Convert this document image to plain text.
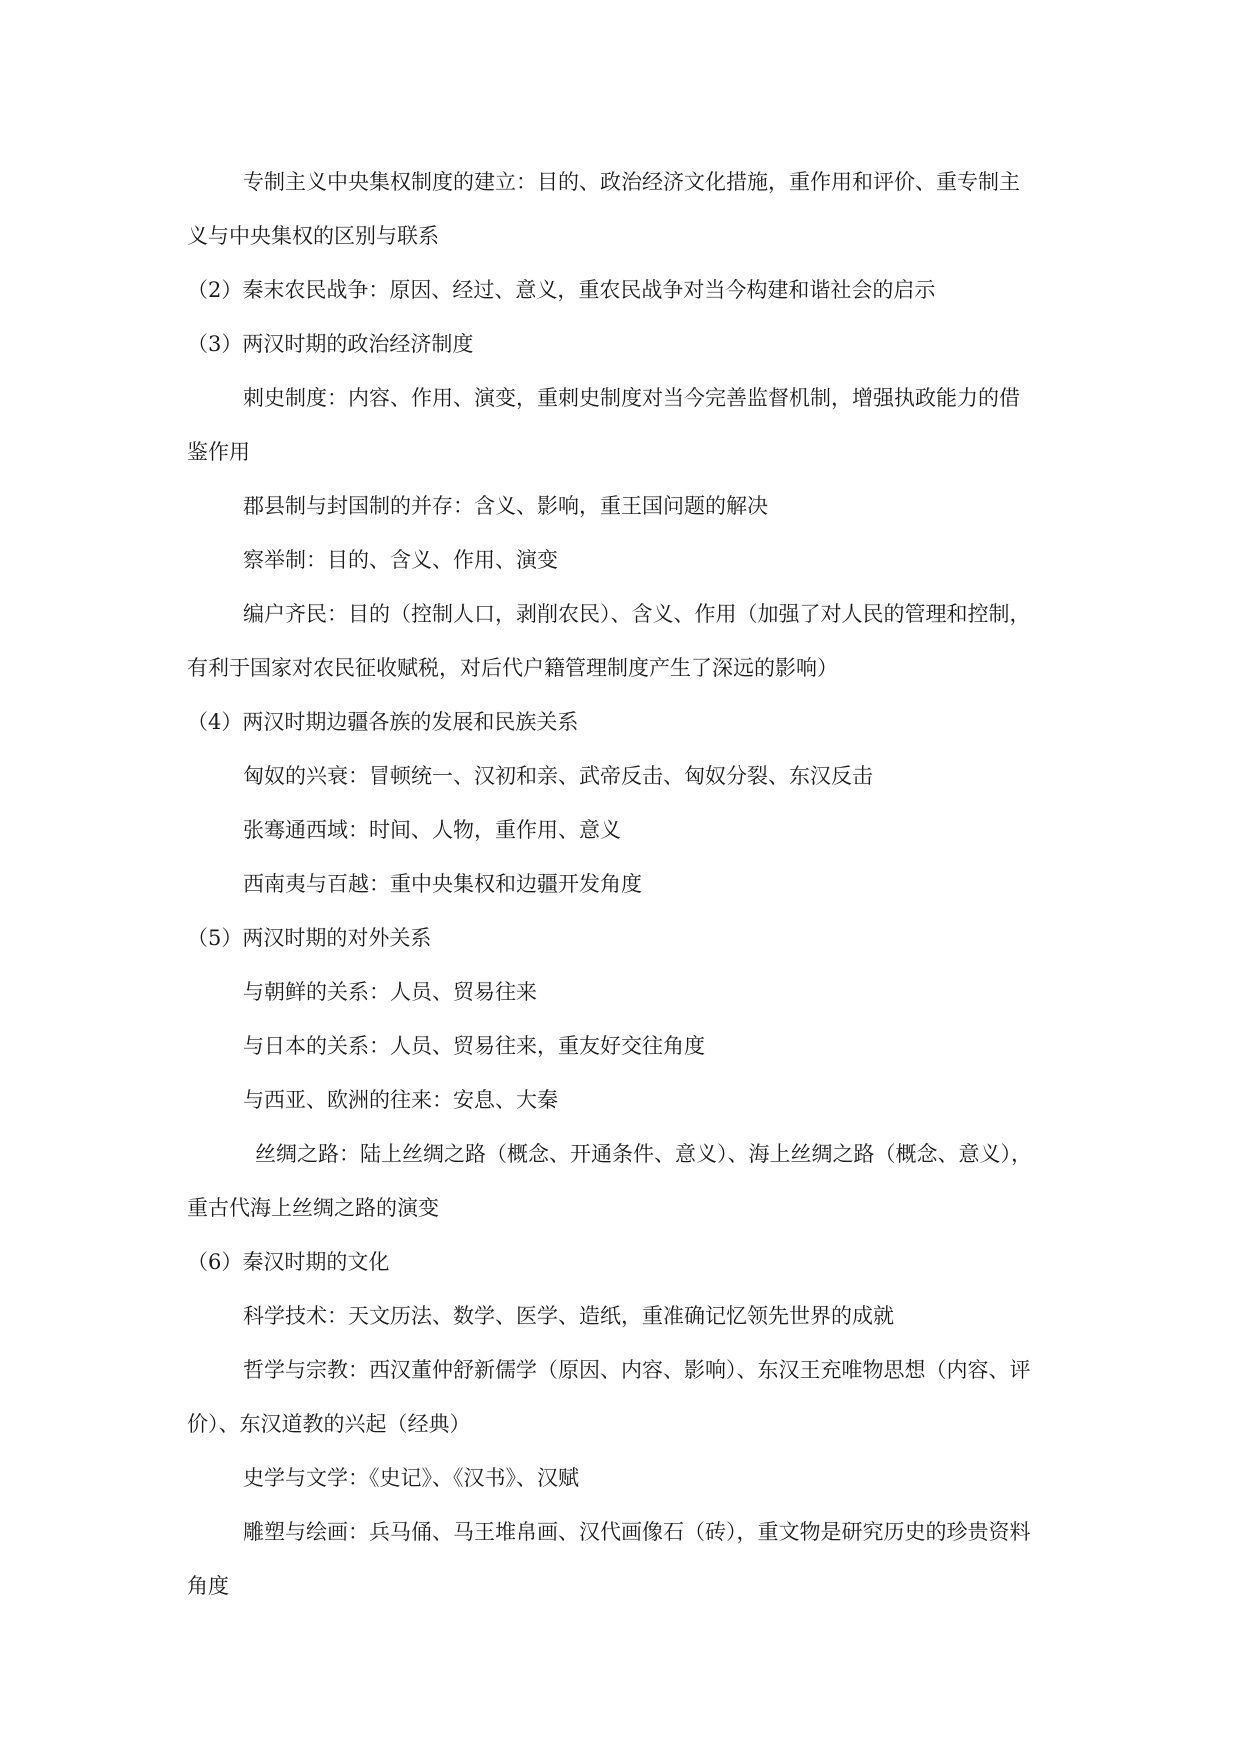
专制主义中央集权制度的建立：目的、政治经济文化措施，重作用和评价、重专制主
义与中央集权的区别与联系
（2）秦末农民战争：原因、经过、意义，重农民战争对当今构建和谐社会的启示
（3）两汉时期的政治经济制度
刺史制度：内容、作用、演变，重刺史制度对当今完善监督机制，增强执政能力的借
鉴作用
郡县制与封国制的并存：含义、影响，重王国问题的解决
察举制：目的、含义、作用、演变
编户齐民：目的（控制人口，剥削农民）、含义、作用（加强了对人民的管理和控制，
有利于国家对农民征收赋税，对后代户籍管理制度产生了深远的影响）
（4）两汉时期边疆各族的发展和民族关系
匈奴的兴衰：冒顿统一、汉初和亲、武帝反击、匈奴分裂、东汉反击
张骞通西域：时间、人物，重作用、意义
西南夷与百越：重中央集权和边疆开发角度
（5）两汉时期的对外关系
与朝鲜的关系：人员、贸易往来
与日本的关系：人员、贸易往来，重友好交往角度
与西亚、欧洲的往来：安息、大秦
丝绸之路：陆上丝绸之路（概念、开通条件、意义）、海上丝绸之路（概念、意义），
重古代海上丝绸之路的演变
（6）秦汉时期的文化
科学技术：天文历法、数学、医学、造纸，重准确记忆领先世界的成就
哲学与宗教：西汉董仲舒新儒学（原因、内容、影响）、东汉王充唯物思想（内容、评
价）、东汉道教的兴起（经典）
史学与文学：《史记》、《汉书》、汉赋
雕塑与绘画：兵马俑、马王堆帛画、汉代画像石（砖），重文物是研究历史的珍贵资料
角度
